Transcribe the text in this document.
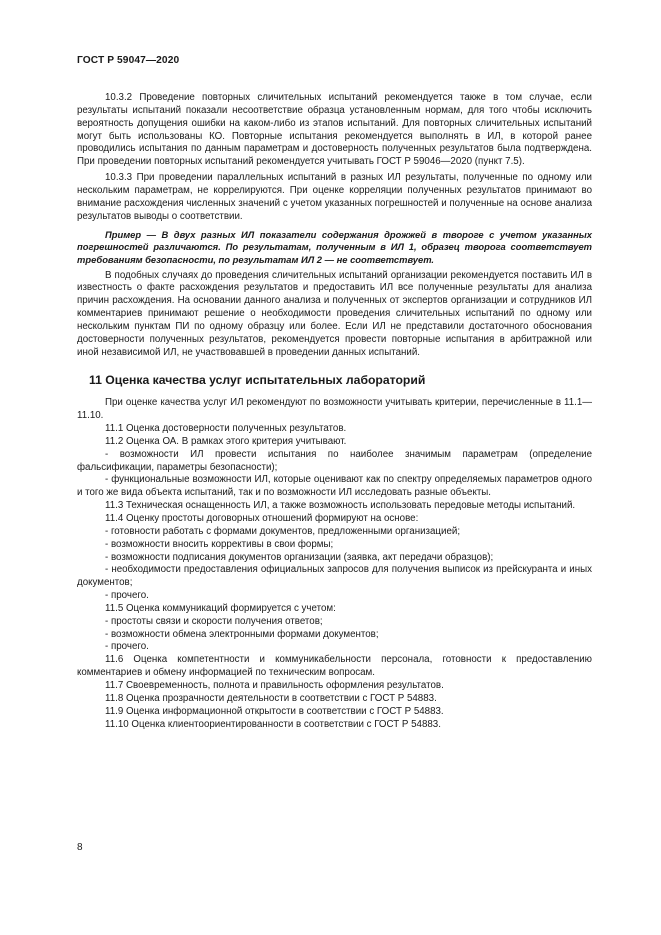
ГОСТ Р 59047—2020

10.3.2 Проведение повторных сличительных испытаний рекомендуется также в том случае, если результаты испытаний показали несоответствие образца установленным нормам, для того чтобы исключить вероятность допущения ошибки на каком-либо из этапов испытаний. Для повторных сличительных испытаний могут быть использованы КО. Повторные испытания рекомендуется выполнять в ИЛ, в которой ранее проводились испытания по данным параметрам и достоверность полученных результатов была подтверждена. При проведении повторных испытаний рекомендуется учитывать ГОСТ Р 59046—2020 (пункт 7.5).

10.3.3 При проведении параллельных испытаний в разных ИЛ результаты, полученные по одному или нескольким параметрам, не коррелируются. При оценке корреляции полученных результатов принимают во внимание расхождения численных значений с учетом указанных погрешностей и полученные на основе анализа результатов выводы о соответствии.

Пример — В двух разных ИЛ показатели содержания дрожжей в твороге с учетом указанных погрешностей различаются. По результатам, полученным в ИЛ 1, образец творога соответствует требованиям безопасности, по результатам ИЛ 2 — не соответствует.

В подобных случаях до проведения сличительных испытаний организации рекомендуется поставить ИЛ в известность о факте расхождения результатов и предоставить ИЛ все полученные результаты для анализа причин расхождения. На основании данного анализа и полученных от экспертов организации и сотрудников ИЛ комментариев принимают решение о необходимости проведения сличительных испытаний по одному или нескольким пунктам ПИ по одному образцу или более. Если ИЛ не представили достаточного обоснования достоверности полученных результатов, рекомендуется провести повторные испытания в арбитражной или иной независимой ИЛ, не участвовавшей в проведении данных испытаний.

11 Оценка качества услуг испытательных лабораторий

При оценке качества услуг ИЛ рекомендуют по возможности учитывать критерии, перечисленные в 11.1—11.10.

11.1 Оценка достоверности полученных результатов.

11.2 Оценка ОА. В рамках этого критерия учитывают.

- возможности ИЛ провести испытания по наиболее значимым параметрам (определение фальсификации, параметры безопасности);

- функциональные возможности ИЛ, которые оценивают как по спектру определяемых параметров одного и того же вида объекта испытаний, так и по возможности ИЛ исследовать разные объекты.

11.3 Техническая оснащенность ИЛ, а также возможность использовать передовые методы испытаний.

11.4 Оценку простоты договорных отношений формируют на основе:

- готовности работать с формами документов, предложенными организацией;

- возможности вносить коррективы в свои формы;

- возможности подписания документов организации (заявка, акт передачи образцов);

- необходимости предоставления официальных запросов для получения выписок из прейскуранта и иных документов;

- прочего.

11.5 Оценка коммуникаций формируется с учетом:

- простоты связи и скорости получения ответов;

- возможности обмена электронными формами документов;

- прочего.

11.6 Оценка компетентности и коммуникабельности персонала, готовности к предоставлению комментариев и обмену информацией по техническим вопросам.

11.7 Своевременность, полнота и правильность оформления результатов.

11.8 Оценка прозрачности деятельности в соответствии с ГОСТ Р 54883.

11.9 Оценка информационной открытости в соответствии с ГОСТ Р 54883.

11.10 Оценка клиентоориентированности в соответствии с ГОСТ Р 54883.

8
